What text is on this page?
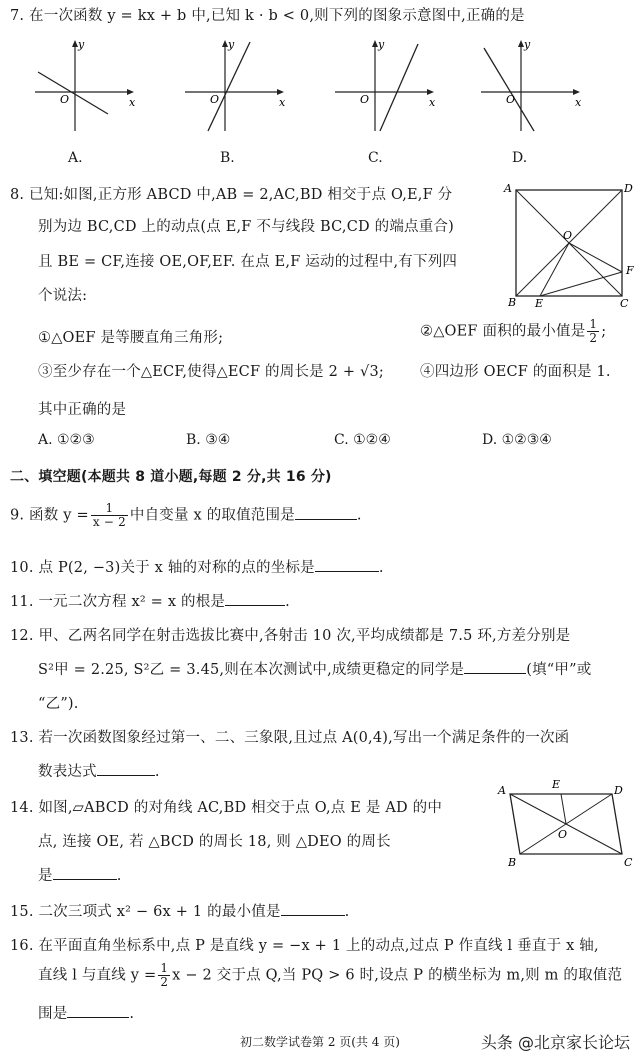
7. 在一次函数 y = kx + b 中,已知 k · b < 0,则下列的图象示意图中,正确的是
y
x
O
A.
y
x
O
B.
y
x
O
C.
y
x
O
D.
8. 已知:如图,正方形 ABCD 中,AB = 2,AC,BD 相交于点 O,E,F 分
别为边 BC,CD 上的动点(点 E,F 不与线段 BC,CD 的端点重合)
且 BE = CF,连接 OE,OF,EF. 在点 E,F 运动的过程中,有下列四
个说法:
A	D
B	C
O
E
F
①△OEF 是等腰直角三角形;	②△OEF 面积的最小值是 $\frac{1}{2}$ ;
③至少存在一个△ECF,使得△ECF 的周长是 2 + √3; ④四边形 OECF 的面积是 1.
其中正确的是
A. ①②③	B. ③④	C. ①②④	D. ①②③④
二、填空题(本题共 8 道小题,每题 2 分,共 16 分)
9. 函数 $y = \frac{1}{x - 2}$ 中自变量 x 的取值范围是	.
10. 点 P(2, −3)关于 x 轴的对称的点的坐标是	.
11. 一元二次方程 x² = x 的根是	.
12. 甲、乙两名同学在射击选拔比赛中,各射击 10 次,平均成绩都是 7.5 环,方差分别是
S²甲 = 2.25, S²乙 = 3.45,则在本次测试中,成绩更稳定的同学是	(填“甲”或
“乙”).
13. 若一次函数图象经过第一、二、三象限,且过点 A(0,4),写出一个满足条件的一次函
数表达式	.
14. 如图,▱ABCD 的对角线 AC,BD 相交于点 O,点 E 是 AD 的中
点, 连接 OE, 若 △BCD 的周长 18, 则 △DEO 的周长
是	.
A	D
B	C
E
O
15. 二次三项式 x² − 6x + 1 的最小值是	.
16. 在平面直角坐标系中,点 P 是直线 y = −x + 1 上的动点,过点 P 作直线 l 垂直于 x 轴,
直线 l 与直线 $y = \frac{1}{2}$ x − 2 交于点 Q,当 PQ > 6 时,设点 P 的横坐标为 m,则 m 的取值范
围是	.
初二数学试卷第 2 页(共 4 页)	头条 @北京家长论坛
